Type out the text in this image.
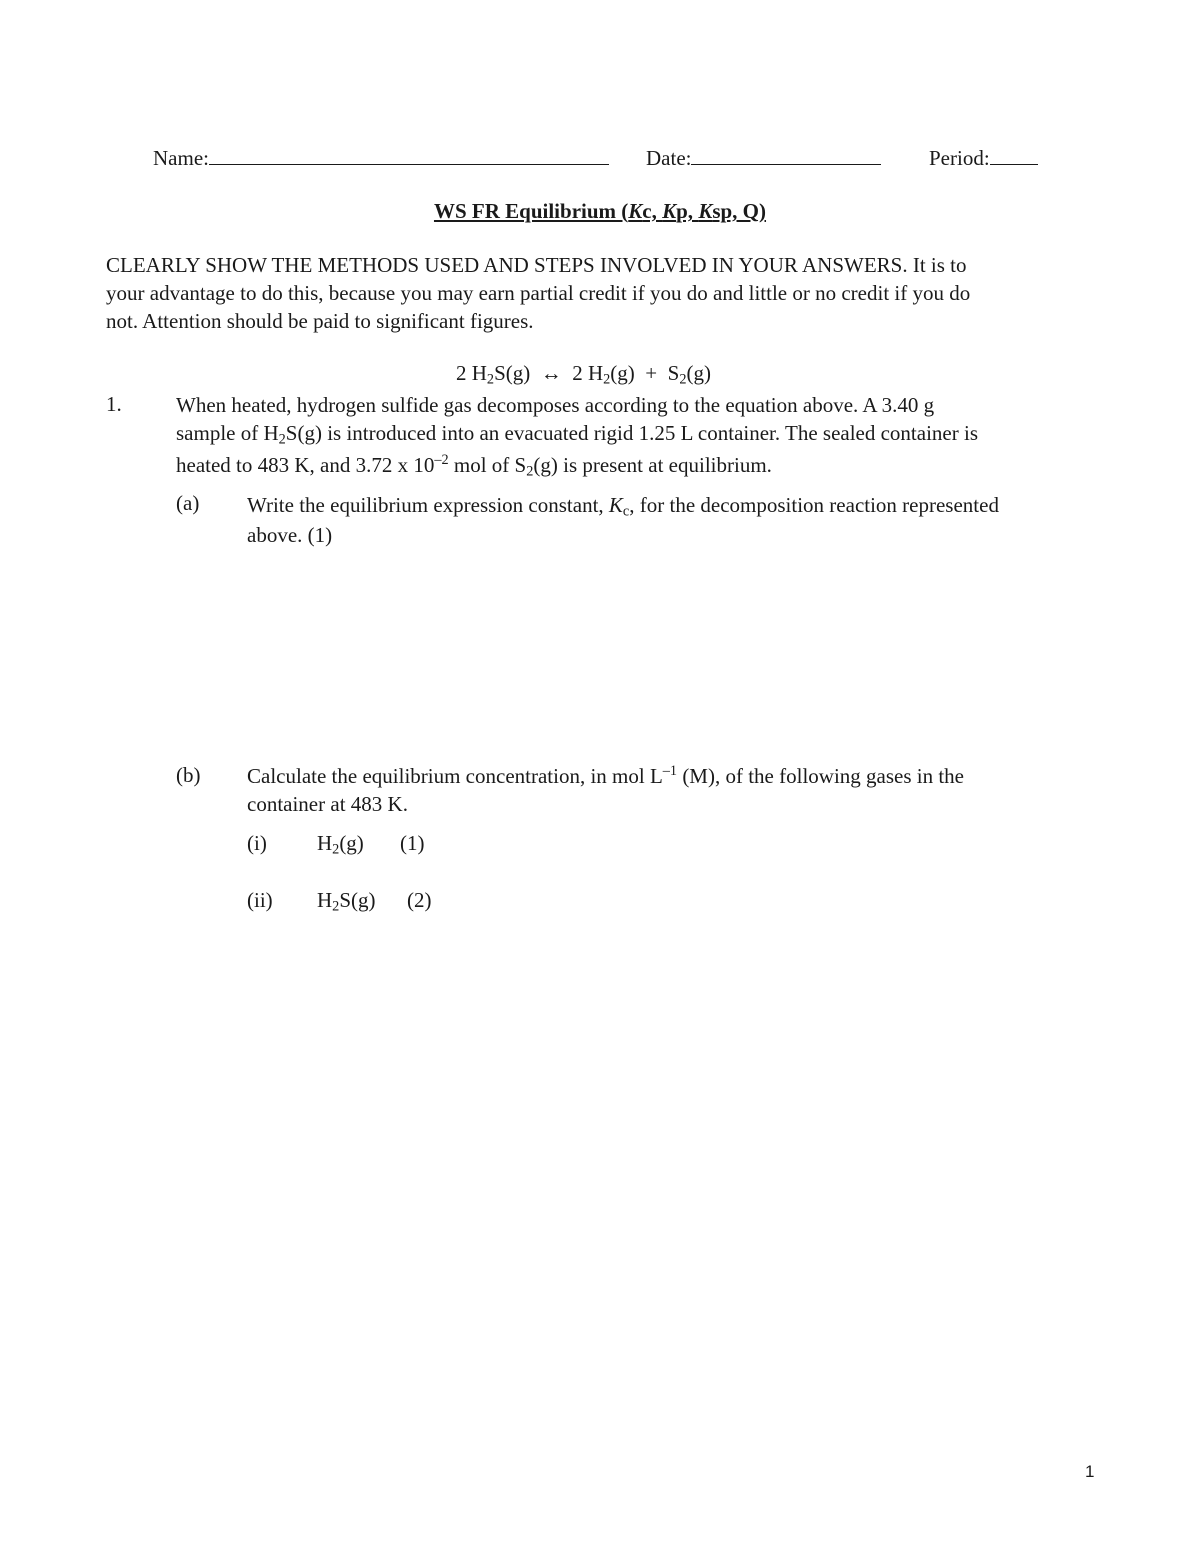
Name:	Date:	Period:
WS FR Equilibrium (Kc, Kp, Ksp, Q)
CLEARLY SHOW THE METHODS USED AND STEPS INVOLVED IN YOUR ANSWERS. It is to
your advantage to do this, because you may earn partial credit if you do and little or no credit if you do
not. Attention should be paid to significant figures.
2 $H_2S(g)$  ↔  2 $H_2(g) + S_2(g)$
1.	When heated, hydrogen sulfide gas decomposes according to the equation above. A 3.40 g
sample of $H_2S(g)$ is introduced into an evacuated rigid 1.25 L container. The sealed container is
heated to 483 K, and 3.72 x $10^{-2}$ mol of $S_2(g)$ is present at equilibrium.
(a) Write the equilibrium expression constant, $K_c$, for the decomposition reaction represented
above. (1)
(b) Calculate the equilibrium concentration, in mol $L^{-1}$ (M), of the following gases in the
container at 483 K.
(i) $H_2(g)$ (1)
(ii) $H_2S(g)$ (2)
1
